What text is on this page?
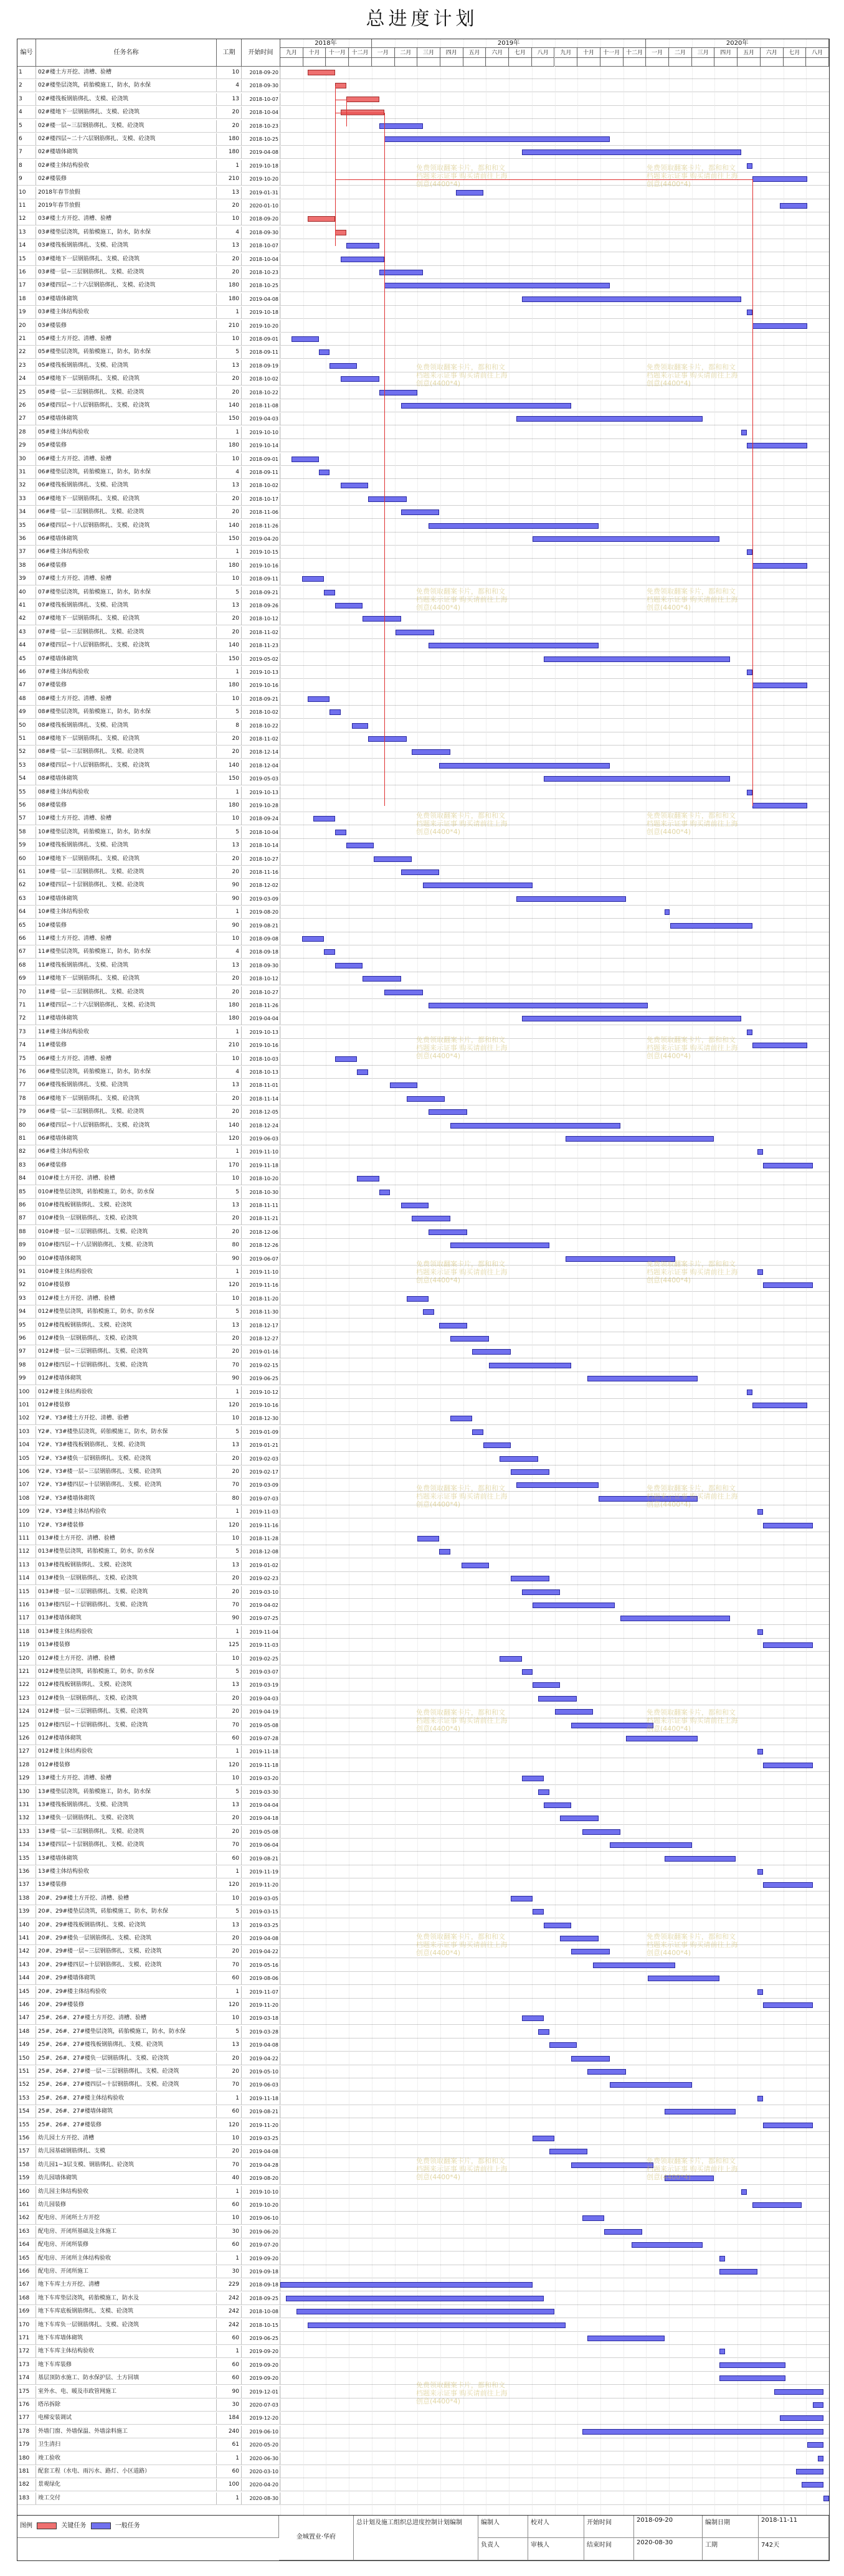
总进度计划
编号	任务名称	工期	开始时间
2018年	2019年	2020年
九月	十月	十一月	十二月	一月	二月	三月	四月	五月	六月	七月	八月	九月	十月	十一月	十二月	一月	二月	三月	四月	五月	六月	七月	八月
1	02#楼土方开挖、清槽、验槽	10	2018-09-20
2	02#楼垫层浇筑，砖胎模施工，防水，防水保	4	2018-09-30
3	02#楼筏板钢筋绑扎、支模、砼浇筑	13	2018-10-07
4	02#楼地下一层钢筋绑扎、支模、砼浇筑	20	2018-10-04
5	02#楼一层~三层钢筋绑扎、支模、砼浇筑	20	2018-10-23
6	02#楼四层~二十六层钢筋绑扎、支模、砼浇筑	180	2018-10-25
7	02#楼墙体砌筑	180	2019-04-08
8	02#楼主体结构验收	1	2019-10-18
9	02#楼装修	210	2019-10-20
10	2018年春节放假	13	2019-01-31
11	2019年春节放假	20	2020-01-10
12	03#楼土方开挖、清槽、验槽	10	2018-09-20
13	03#楼垫层浇筑，砖胎模施工，防水，防水保	4	2018-09-30
14	03#楼筏板钢筋绑扎、支模、砼浇筑	13	2018-10-07
15	03#楼地下一层钢筋绑扎、支模、砼浇筑	20	2018-10-04
16	03#楼一层~三层钢筋绑扎、支模、砼浇筑	20	2018-10-23
17	03#楼四层~二十六层钢筋绑扎、支模、砼浇筑	180	2018-10-25
18	03#楼墙体砌筑	180	2019-04-08
19	03#楼主体结构验收	1	2019-10-18
20	03#楼装修	210	2019-10-20
21	05#楼土方开挖、清槽、验槽	10	2018-09-01
22	05#楼垫层浇筑，砖胎模施工，防水，防水保	5	2018-09-11
23	05#楼筏板钢筋绑扎、支模、砼浇筑	13	2018-09-19
24	05#楼地下一层钢筋绑扎、支模、砼浇筑	20	2018-10-02
25	05#楼一层~三层钢筋绑扎、支模、砼浇筑	20	2018-10-22
26	05#楼四层~十八层钢筋绑扎、支模、砼浇筑	140	2018-11-08
27	05#楼墙体砌筑	150	2019-04-03
28	05#楼主体结构验收	1	2019-10-10
29	05#楼装修	180	2019-10-14
30	06#楼土方开挖、清槽、验槽	10	2018-09-01
31	06#楼垫层浇筑，砖胎模施工，防水，防水保	4	2018-09-11
32	06#楼筏板钢筋绑扎、支模、砼浇筑	13	2018-10-02
33	06#楼地下一层钢筋绑扎、支模、砼浇筑	20	2018-10-17
34	06#楼一层~三层钢筋绑扎、支模、砼浇筑	20	2018-11-06
35	06#楼四层~十八层钢筋绑扎、支模、砼浇筑	140	2018-11-26
36	06#楼墙体砌筑	150	2019-04-20
37	06#楼主体结构验收	1	2019-10-15
38	06#楼装修	180	2019-10-16
39	07#楼土方开挖、清槽、验槽	10	2018-09-11
40	07#楼垫层浇筑，砖胎模施工，防水，防水保	5	2018-09-21
41	07#楼筏板钢筋绑扎、支模、砼浇筑	13	2018-09-26
42	07#楼地下一层钢筋绑扎、支模、砼浇筑	20	2018-10-12
43	07#楼一层~三层钢筋绑扎、支模、砼浇筑	20	2018-11-02
44	07#楼四层~十八层钢筋绑扎、支模、砼浇筑	140	2018-11-23
45	07#楼墙体砌筑	150	2019-05-02
46	07#楼主体结构验收	1	2019-10-13
47	07#楼装修	180	2019-10-16
48	08#楼土方开挖、清槽、验槽	10	2018-09-21
49	08#楼垫层浇筑，砖胎模施工，防水，防水保	5	2018-10-02
50	08#楼筏板钢筋绑扎、支模、砼浇筑	8	2018-10-22
51	08#楼地下一层钢筋绑扎、支模、砼浇筑	20	2018-11-02
52	08#楼一层~三层钢筋绑扎、支模、砼浇筑	20	2018-12-14
53	08#楼四层~十八层钢筋绑扎、支模、砼浇筑	140	2018-12-04
54	08#楼墙体砌筑	150	2019-05-03
55	08#楼主体结构验收	1	2019-10-13
56	08#楼装修	180	2019-10-28
57	10#楼土方开挖、清槽、验槽	10	2018-09-24
58	10#楼垫层浇筑，砖胎模施工，防水，防水保	5	2018-10-04
59	10#楼筏板钢筋绑扎、支模、砼浇筑	13	2018-10-14
60	10#楼地下一层钢筋绑扎、支模、砼浇筑	20	2018-10-27
61	10#楼一层~三层钢筋绑扎、支模、砼浇筑	20	2018-11-16
62	10#楼四层~十层钢筋绑扎、支模、砼浇筑	90	2018-12-02
63	10#楼墙体砌筑	90	2019-03-09
64	10#楼主体结构验收	1	2019-08-20
65	10#楼装修	90	2019-08-21
66	11#楼土方开挖、清槽、验槽	10	2018-09-08
67	11#楼垫层浇筑，砖胎模施工，防水，防水保	4	2018-09-18
68	11#楼筏板钢筋绑扎、支模、砼浇筑	13	2018-09-30
69	11#楼地下一层钢筋绑扎、支模、砼浇筑	20	2018-10-12
70	11#楼一层~三层钢筋绑扎、支模、砼浇筑	20	2018-10-27
71	11#楼四层~二十六层钢筋绑扎、支模、砼浇筑	180	2018-11-26
72	11#楼墙体砌筑	180	2019-04-04
73	11#楼主体结构验收	1	2019-10-13
74	11#楼装修	210	2019-10-16
75	06#楼土方开挖、清槽、验槽	10	2018-10-03
76	06#楼垫层浇筑，砖胎模施工，防水，防水保	4	2018-10-13
77	06#楼筏板钢筋绑扎、支模、砼浇筑	13	2018-11-01
78	06#楼地下一层钢筋绑扎、支模、砼浇筑	20	2018-11-14
79	06#楼一层~三层钢筋绑扎、支模、砼浇筑	20	2018-12-05
80	06#楼四层~十八层钢筋绑扎、支模、砼浇筑	140	2018-12-24
81	06#楼墙体砌筑	120	2019-06-03
82	06#楼主体结构验收	1	2019-11-10
83	06#楼装修	170	2019-11-18
84	010#楼土方开挖、清槽、验槽	10	2018-10-20
85	010#楼垫层浇筑，砖胎模施工，防水，防水保	5	2018-10-30
86	010#楼筏板钢筋绑扎、支模、砼浇筑	13	2018-11-11
87	010#楼负一层钢筋绑扎、支模、砼浇筑	20	2018-11-21
88	010#楼一层~三层钢筋绑扎、支模、砼浇筑	20	2018-12-06
89	010#楼四层~十八层钢筋绑扎、支模、砼浇筑	80	2018-12-26
90	010#楼墙体砌筑	90	2019-06-07
91	010#楼主体结构验收	1	2019-11-10
92	010#楼装修	120	2019-11-16
93	012#楼土方开挖、清槽、验槽	10	2018-11-20
94	012#楼垫层浇筑，砖胎模施工，防水，防水保	5	2018-11-30
95	012#楼筏板钢筋绑扎、支模、砼浇筑	13	2018-12-17
96	012#楼负一层钢筋绑扎、支模、砼浇筑	20	2018-12-27
97	012#楼一层~三层钢筋绑扎、支模、砼浇筑	20	2019-01-16
98	012#楼四层~十层钢筋绑扎、支模、砼浇筑	70	2019-02-15
99	012#楼墙体砌筑	90	2019-06-25
100	012#楼主体结构验收	1	2019-10-12
101	012#楼装修	120	2019-10-16
102	Y2#、Y3#楼土方开挖、清槽、验槽	10	2018-12-30
103	Y2#、Y3#楼垫层浇筑，砖胎模施工，防水，防水保	5	2019-01-09
104	Y2#、Y3#楼筏板钢筋绑扎、支模、砼浇筑	13	2019-01-21
105	Y2#、Y3#楼负一层钢筋绑扎、支模、砼浇筑	20	2019-02-03
106	Y2#、Y3#楼一层~三层钢筋绑扎、支模、砼浇筑	20	2019-02-17
107	Y2#、Y3#楼四层~十层钢筋绑扎、支模、砼浇筑	70	2019-03-09
108	Y2#、Y3#楼墙体砌筑	80	2019-07-03
109	Y2#、Y3#楼主体结构验收	1	2019-11-03
110	Y2#、Y3#楼装修	120	2019-11-16
111	013#楼土方开挖、清槽、验槽	10	2018-11-28
112	013#楼垫层浇筑，砖胎模施工，防水，防水保	5	2018-12-08
113	013#楼筏板钢筋绑扎、支模、砼浇筑	13	2019-01-02
114	013#楼负一层钢筋绑扎、支模、砼浇筑	20	2019-02-23
115	013#楼一层~三层钢筋绑扎、支模、砼浇筑	20	2019-03-10
116	013#楼四层~十层钢筋绑扎、支模、砼浇筑	70	2019-04-02
117	013#楼墙体砌筑	90	2019-07-25
118	013#楼主体结构验收	1	2019-11-04
119	013#楼装修	125	2019-11-03
120	012#楼土方开挖、清槽、验槽	10	2019-02-25
121	012#楼垫层浇筑，砖胎模施工，防水，防水保	5	2019-03-07
122	012#楼筏板钢筋绑扎、支模、砼浇筑	13	2019-03-19
123	012#楼负一层钢筋绑扎、支模、砼浇筑	20	2019-04-03
124	012#楼一层~三层钢筋绑扎、支模、砼浇筑	20	2019-04-19
125	012#楼四层~十层钢筋绑扎、支模、砼浇筑	70	2019-05-08
126	012#楼墙体砌筑	60	2019-07-28
127	012#楼主体结构验收	1	2019-11-18
128	012#楼装修	120	2019-11-18
129	13#楼土方开挖、清槽、验槽	10	2019-03-20
130	13#楼垫层浇筑，砖胎模施工，防水，防水保	5	2019-03-30
131	13#楼筏板钢筋绑扎、支模、砼浇筑	13	2019-04-04
132	13#楼负一层钢筋绑扎、支模、砼浇筑	20	2019-04-18
133	13#楼一层~三层钢筋绑扎、支模、砼浇筑	20	2019-05-08
134	13#楼四层~十层钢筋绑扎、支模、砼浇筑	70	2019-06-04
135	13#楼墙体砌筑	60	2019-08-21
136	13#楼主体结构验收	1	2019-11-19
137	13#楼装修	120	2019-11-20
138	20#、29#楼土方开挖、清槽、验槽	10	2019-03-05
139	20#、29#楼垫层浇筑，砖胎模施工，防水，防水保	5	2019-03-15
140	20#、29#楼筏板钢筋绑扎、支模、砼浇筑	13	2019-03-25
141	20#、29#楼负一层钢筋绑扎、支模、砼浇筑	20	2019-04-08
142	20#、29#楼一层~三层钢筋绑扎、支模、砼浇筑	20	2019-04-22
143	20#、29#楼四层~十层钢筋绑扎、支模、砼浇筑	70	2019-05-16
144	20#、29#楼墙体砌筑	60	2019-08-06
145	20#、29#楼主体结构验收	1	2019-11-07
146	20#、29#楼装修	120	2019-11-20
147	25#、26#、27#楼土方开挖、清槽、验槽	10	2019-03-18
148	25#、26#、27#楼垫层浇筑，砖胎模施工，防水，防水保	5	2019-03-28
149	25#、26#、27#楼筏板钢筋绑扎、支模、砼浇筑	13	2019-04-08
150	25#、26#、27#楼负一层钢筋绑扎、支模、砼浇筑	20	2019-04-22
151	25#、26#、27#楼一层~三层钢筋绑扎、支模、砼浇筑	20	2019-05-10
152	25#、26#、27#楼四层~十层钢筋绑扎、支模、砼浇筑	70	2019-06-03
153	25#、26#、27#楼主体结构验收	1	2019-11-18
154	25#、26#、27#楼墙体砌筑	60	2019-08-21
155	25#、26#、27#楼装修	120	2019-11-20
156	幼儿园土方开挖、清槽	10	2019-03-25
157	幼儿园基础钢筋绑扎、支模	20	2019-04-08
158	幼儿园1~3层支模、钢筋绑扎、砼浇筑	70	2019-04-28
159	幼儿园墙体砌筑	40	2019-08-20
160	幼儿园主体结构验收	1	2019-10-10
161	幼儿园装修	60	2019-10-20
162	配电房、开闭所土方开挖	10	2019-06-10
163	配电房、开闭所基础及主体施工	30	2019-06-20
164	配电房、开闭所装修	60	2019-07-20
165	配电房、开闭所主体结构验收	1	2019-09-20
166	配电房、开闭所施工	30	2019-09-18
167	地下车库土方开挖、清槽	229	2018-09-18
168	地下车库垫层浇筑，砖胎模施工，防水及	242	2018-09-25
169	地下车库底板钢筋绑扎、支模、砼浇筑	242	2018-10-08
170	地下车库负一层钢筋绑扎、支模、砼浇筑	242	2018-10-15
171	地下车库墙体砌筑	60	2019-06-25
172	地下车库主体结构验收	1	2019-09-20
173	地下车库装修	60	2019-09-20
174	基层顶防水施工、防水保护层、土方回填	60	2019-09-20
175	室外水、电、暖及市政管网施工	90	2019-12-01
176	塔吊拆除	30	2020-07-03
177	电梯安装调试	184	2019-12-20
178	外墙门窗、外墙保温、外墙涂料施工	240	2019-06-10
179	卫生清扫	61	2020-05-20
180	竣工验收	1	2020-06-30
181	配套工程（水电、雨污水、路灯、小区道路）	60	2020-03-10
182	景观绿化	100	2020-04-20
183	竣工交付	1	2020-08-30
免费领取翻案卡片，都和和文档题来示证事 购买请前往上海创意(4400*4)
免费领取翻案卡片，都和和文档题来示证事 购买请前往上海创意(4400*4)
免费领取翻案卡片，都和和文档题来示证事 购买请前往上海创意(4400*4)
免费领取翻案卡片，都和和文档题来示证事 购买请前往上海创意(4400*4)
免费领取翻案卡片，都和和文档题来示证事 购买请前往上海创意(4400*4)
免费领取翻案卡片，都和和文档题来示证事 购买请前往上海创意(4400*4)
免费领取翻案卡片，都和和文档题来示证事 购买请前往上海创意(4400*4)
免费领取翻案卡片，都和和文档题来示证事 购买请前往上海创意(4400*4)
免费领取翻案卡片，都和和文档题来示证事 购买请前往上海创意(4400*4)
免费领取翻案卡片，都和和文档题来示证事 购买请前往上海创意(4400*4)
免费领取翻案卡片，都和和文档题来示证事 购买请前往上海创意(4400*4)
免费领取翻案卡片，都和和文档题来示证事 购买请前往上海创意(4400*4)
免费领取翻案卡片，都和和文档题来示证事 购买请前往上海创意(4400*4)
免费领取翻案卡片，都和和文档题来示证事 购买请前往上海创意(4400*4)
免费领取翻案卡片，都和和文档题来示证事 购买请前往上海创意(4400*4)
免费领取翻案卡片，都和和文档题来示证事 购买请前往上海创意(4400*4)
免费领取翻案卡片，都和和文档题来示证事 购买请前往上海创意(4400*4)
免费领取翻案卡片，都和和文档题来示证事 购买请前往上海创意(4400*4)
免费领取翻案卡片，都和和文档题来示证事 购买请前往上海创意(4400*4)
免费领取翻案卡片，都和和文档题来示证事 购买请前往上海创意(4400*4)
免费领取翻案卡片，都和和文档题来示证事 购买请前往上海创意(4400*4)
图例	关键任务	一般任务
金城置业·华府
总计划及施工组织总进度控制计划编制	编制人
负责人
校对人
审核人
开始时间	2018-09-20
结束时间	2020-08-30
编制日期	2018-11-11
工期	742天
